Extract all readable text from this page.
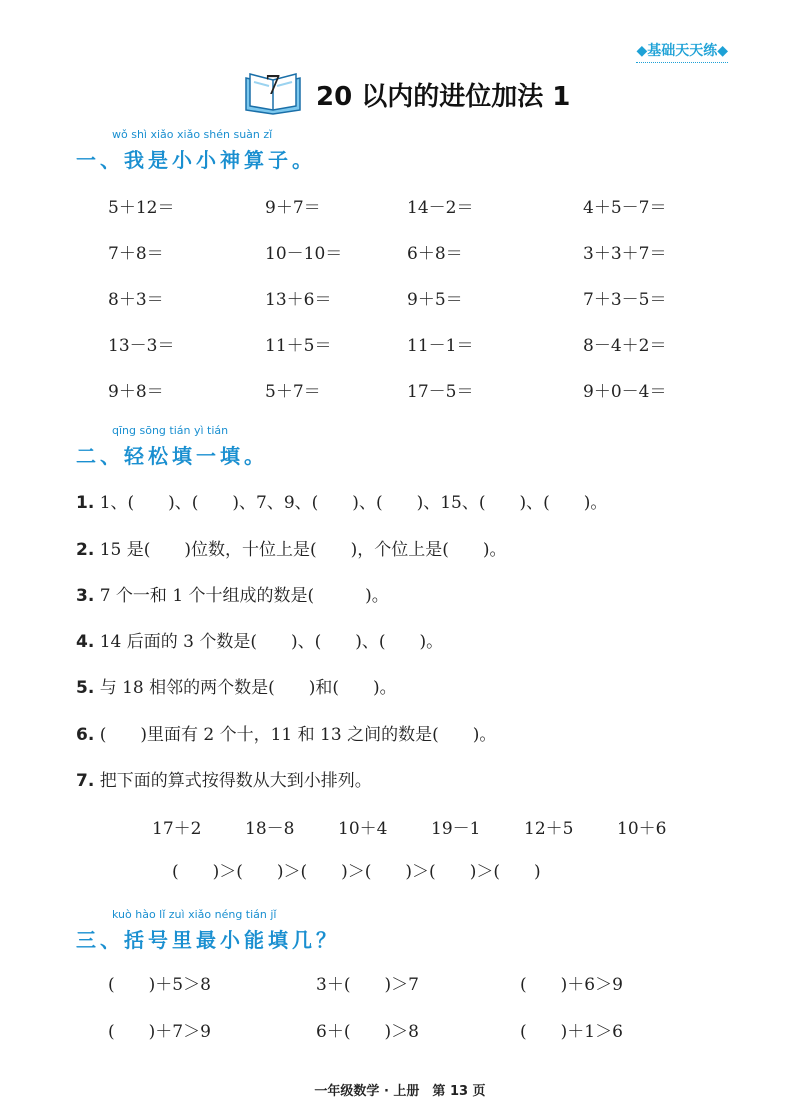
◆基础天天练◆
7 20 以内的进位加法 1
wǒ shì xiǎo xiǎo shén suàn zǐ
一、我是小小神算子。
5＋12＝	9＋7＝	14－2＝	4＋5－7＝
7＋8＝	10－10＝	6＋8＝	3＋3＋7＝
8＋3＝	13＋6＝	9＋5＝	7＋3－5＝
13－3＝	11＋5＝	11－1＝	8－4＋2＝
9＋8＝	5＋7＝	17－5＝	9＋0－4＝
qīng sōng tián yì tián
二、轻松填一填。
1. 1、(　　)、(　　)、7、9、(　　)、(　　)、15、(　　)、(　　)。
2. 15 是(　　)位数，十位上是(　　)，个位上是(　　)。
3. 7 个一和 1 个十组成的数是(　　　)。
4. 14 后面的 3 个数是(　　)、(　　)、(　　)。
5. 与 18 相邻的两个数是(　　)和(　　)。
6. (　　)里面有 2 个十，11 和 13 之间的数是(　　)。
7. 把下面的算式按得数从大到小排列。
17＋2	18－8	10＋4	19－1	12＋5	10＋6
(　　)＞(　　)＞(　　)＞(　　)＞(　　)＞(　　)
kuò hào lǐ zuì xiǎo néng tián jǐ
三、括号里最小能填几？
(　　)＋5＞8	3＋(　　)＞7	(　　)＋6＞9
(　　)＋7＞9	6＋(　　)＞8	(　　)＋1＞6
一年级数学 · 上册　第 13 页
